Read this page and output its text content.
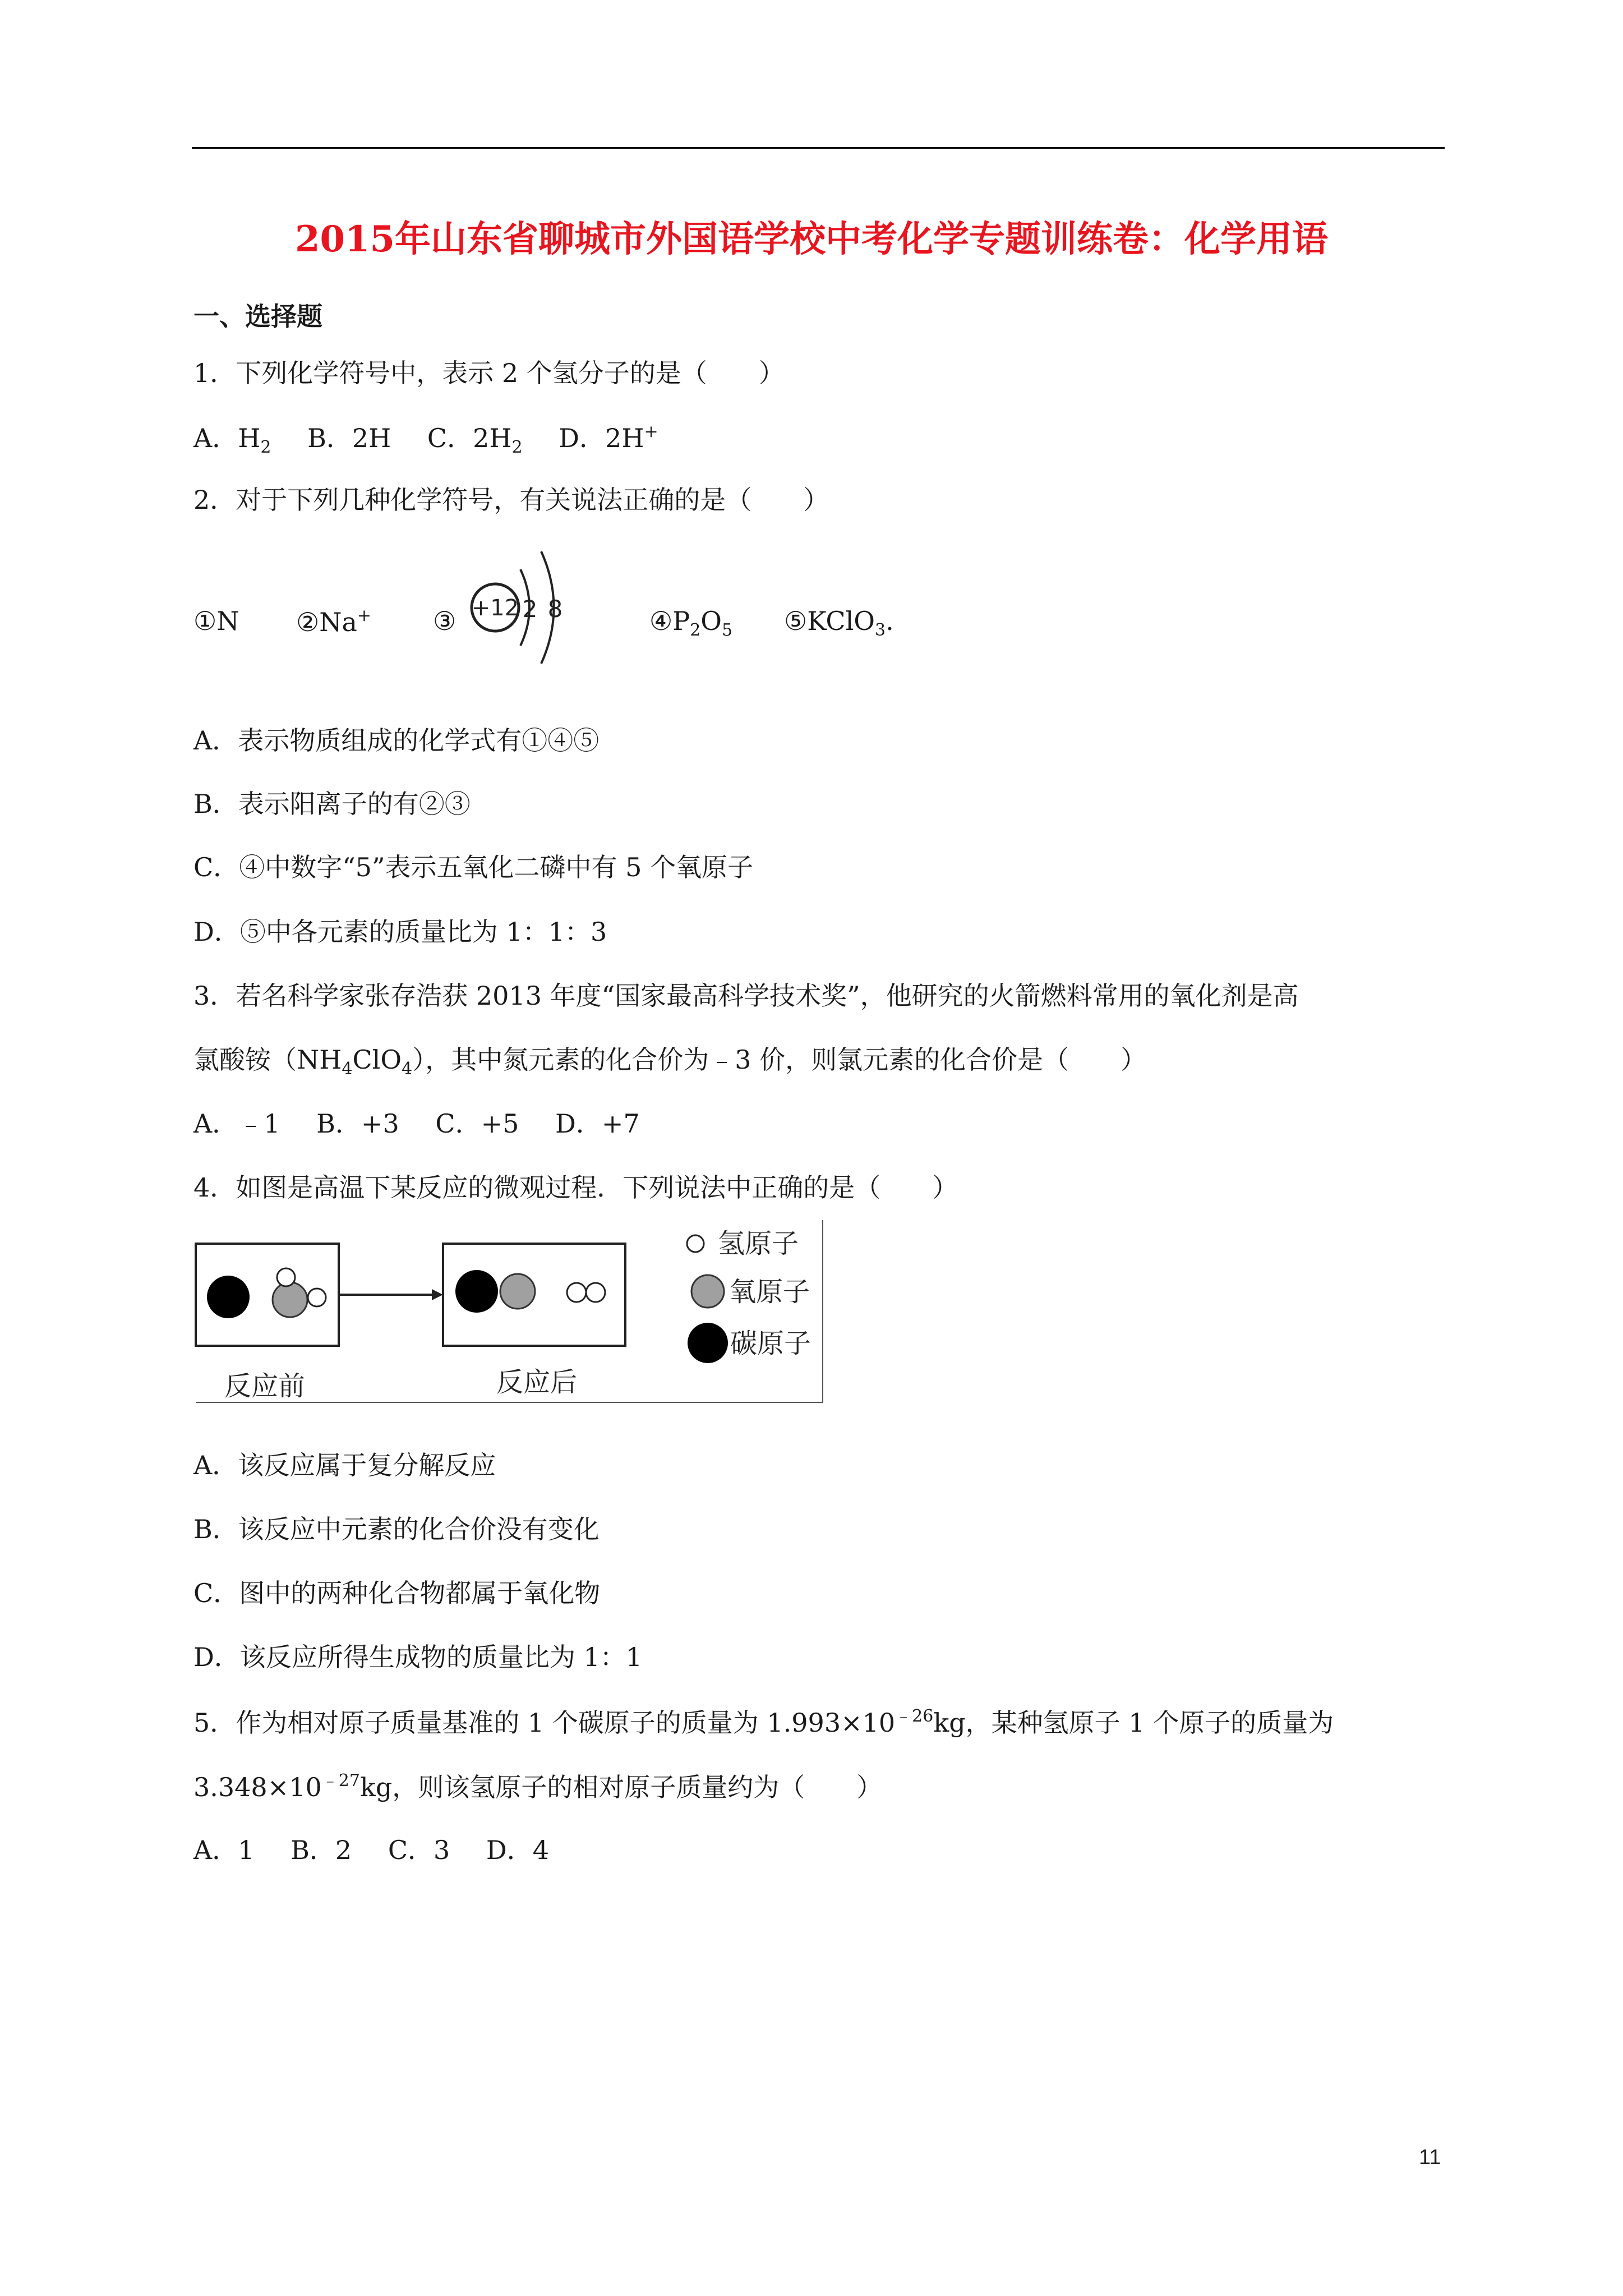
2015年山东省聊城市外国语学校中考化学专题训练卷：化学用语
一、选择题
1．下列化学符号中，表示 2 个氢分子的是（　　）
A．$H_2$ B．2H C．$2H_2$ D．2H+
2．对于下列几种化学符号，有关说法正确的是（　　）
①N ②Na+ ③ +12 2 8	$④P_2O_5$ ⑤KClO$_3$.
A．表示物质组成的化学式有①④⑤
B．表示阳离子的有②③
C．④中数字“5”表示五氧化二磷中有 5 个氧原子
D．⑤中各元素的质量比为 1：1：3
3．若名科学家张存浩获 2013 年度“国家最高科学技术奖”，他研究的火箭燃料常用的氧化剂是高
氯酸铵$(NH_4ClO_4)$，其中氮元素的化合价为﹣3 价，则氯元素的化合价是（　　）
A．﹣1 B．+3 C．+5 D．+7
4．如图是高温下某反应的微观过程．下列说法中正确的是（　　）
氢原子
氧原子
碳原子
反应前	反应后
A．该反应属于复分解反应
B．该反应中元素的化合价没有变化
C．图中的两种化合物都属于氧化物
D．该反应所得生成物的质量比为 1：1
5．作为相对原子质量基准的 1 个碳原子的质量为 $1.993\times 10^{﹣26}kg$，某种氢原子 1 个原子的质量为
$3.348\times 10^{﹣27}kg$，则该氢原子的相对原子质量约为（　　）
A．1 B．2 C．3 D．4
11
